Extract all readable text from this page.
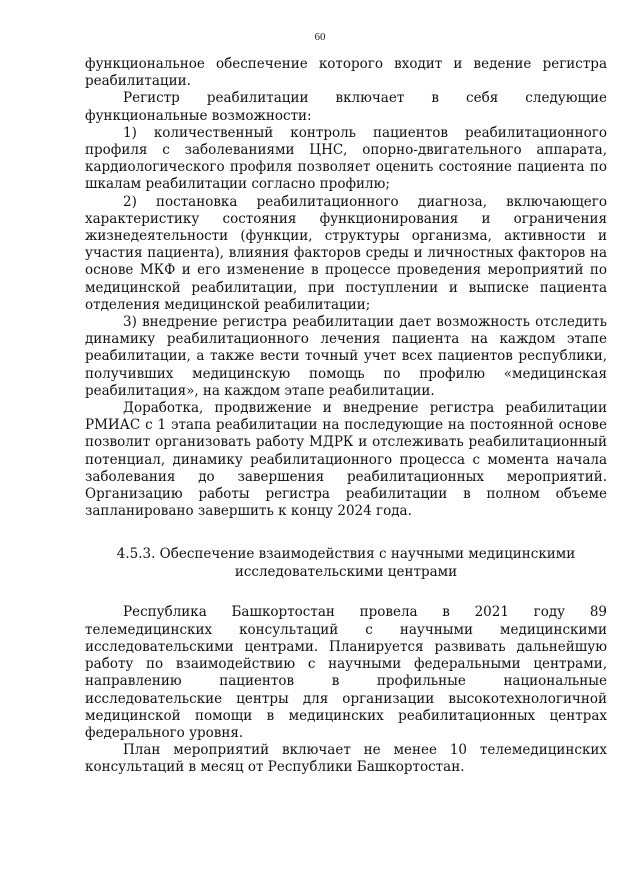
60

функциональное обеспечение которого входит и ведение регистра реабилитации.

Регистр реабилитации включает в себя следующие функциональные возможности:

1) количественный контроль пациентов реабилитационного профиля с заболеваниями ЦНС, опорно-двигательного аппарата, кардиологического профиля позволяет оценить состояние пациента по шкалам реабилитации согласно профилю;

2) постановка реабилитационного диагноза, включающего характеристику состояния функционирования и ограничения жизнедеятельности (функции, структуры организма, активности и участия пациента), влияния факторов среды и личностных факторов на основе МКФ и его изменение в процессе проведения мероприятий по медицинской реабилитации, при поступлении и выписке пациента отделения медицинской реабилитации;

3) внедрение регистра реабилитации дает возможность отследить динамику реабилитационного лечения пациента на каждом этапе реабилитации, а также вести точный учет всех пациентов республики, получивших медицинскую помощь по профилю «медицинская реабилитация», на каждом этапе реабилитации.

Доработка, продвижение и внедрение регистра реабилитации РМИАС с 1 этапа реабилитации на последующие на постоянной основе позволит организовать работу МДРК и отслеживать реабилитационный потенциал, динамику реабилитационного процесса с момента начала заболевания до завершения реабилитационных мероприятий. Организацию работы регистра реабилитации в полном объеме запланировано завершить к концу 2024 года.

4.5.3. Обеспечение взаимодействия с научными медицинскими
исследовательскими центрами

Республика Башкортостан провела в 2021 году 89 телемедицинских консультаций с научными медицинскими исследовательскими центрами. Планируется развивать дальнейшую работу по взаимодействию с научными федеральными центрами, направлению пациентов в профильные национальные исследовательские центры для организации высокотехнологичной медицинской помощи в медицинских реабилитационных центрах федерального уровня.

План мероприятий включает не менее 10 телемедицинских консультаций в месяц от Республики Башкортостан.
